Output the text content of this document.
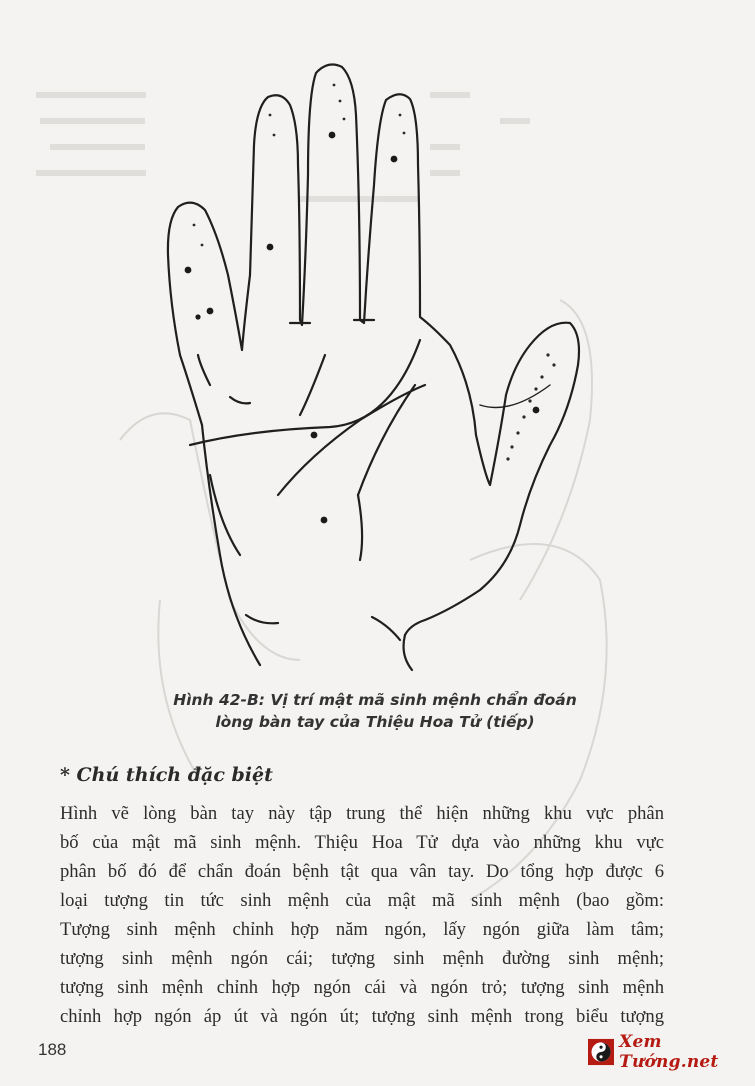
Hình 42-B: Vị trí mật mã sinh mệnh chẩn đoán
lòng bàn tay của Thiệu Hoa Tử (tiếp)
* Chú thích đặc biệt
Hình vẽ lòng bàn tay này tập trung thể hiện những khu vực phân
bố của mật mã sinh mệnh. Thiệu Hoa Tử dựa vào những khu vực
phân bố đó để chẩn đoán bệnh tật qua vân tay. Do tổng hợp được 6
loại tượng tin tức sinh mệnh của mật mã sinh mệnh (bao gồm:
Tượng sinh mệnh chỉnh hợp năm ngón, lấy ngón giữa làm tâm;
tượng sinh mệnh ngón cái; tượng sinh mệnh đường sinh mệnh;
tượng sinh mệnh chỉnh hợp ngón cái và ngón trỏ; tượng sinh mệnh
chỉnh hợp ngón áp út và ngón út; tượng sinh mệnh trong biểu tượng
188	Xem Tướng.net
